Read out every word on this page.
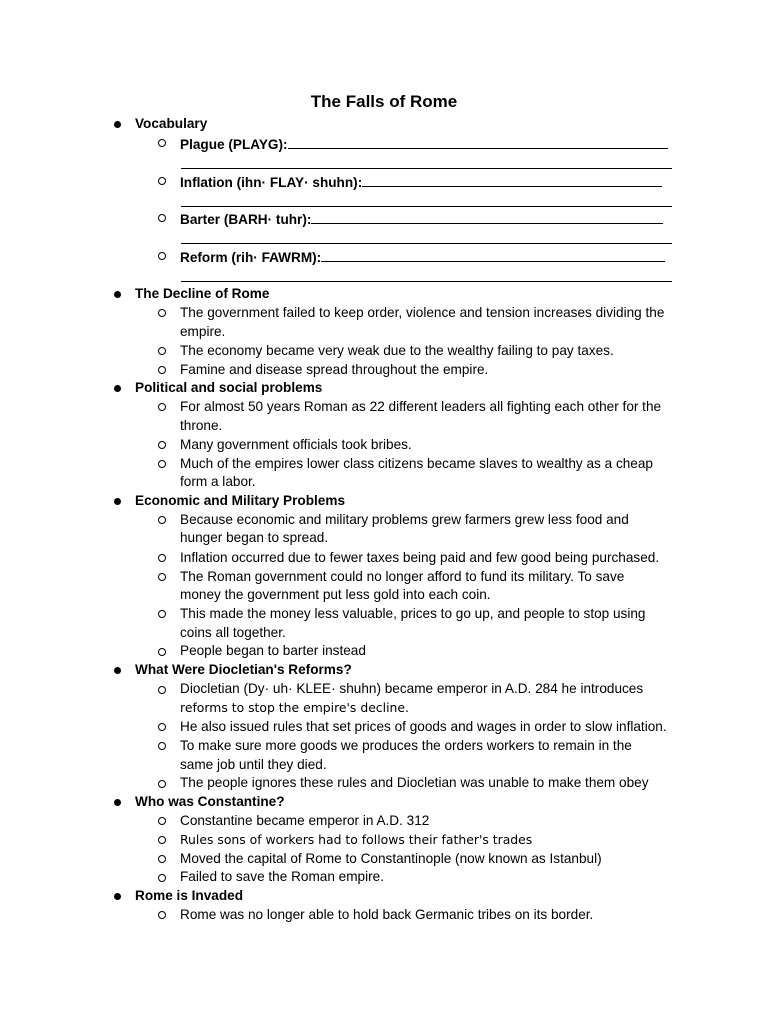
The Falls of Rome
Vocabulary
Plague (PLAYG):
Inflation (ihn· FLAY· shuhn):
Barter (BARH· tuhr):
Reform (rih· FAWRM):
The Decline of Rome
The government failed to keep order, violence and tension increases dividing the
empire.
The economy became very weak due to the wealthy failing to pay taxes.
Famine and disease spread throughout the empire.
Political and social problems
For almost 50 years Roman as 22 different leaders all fighting each other for the
throne.
Many government officials took bribes.
Much of the empires lower class citizens became slaves to wealthy as a cheap
form a labor.
Economic and Military Problems
Because economic and military problems grew farmers grew less food and
hunger began to spread.
Inflation occurred due to fewer taxes being paid and few good being purchased.
The Roman government could no longer afford to fund its military. To save
money the government put less gold into each coin.
This made the money less valuable, prices to go up, and people to stop using
coins all together.
People began to barter instead
What Were Diocletian's Reforms?
Diocletian (Dy· uh· KLEE· shuhn) became emperor in A.D. 284 he introduces
reforms to stop the empire's decline.
He also issued rules that set prices of goods and wages in order to slow inflation.
To make sure more goods we produces the orders workers to remain in the
same job until they died.
The people ignores these rules and Diocletian was unable to make them obey
Who was Constantine?
Constantine became emperor in A.D. 312
Rules sons of workers had to follows their father's trades
Moved the capital of Rome to Constantinople (now known as Istanbul)
Failed to save the Roman empire.
Rome is Invaded
Rome was no longer able to hold back Germanic tribes on its border.
